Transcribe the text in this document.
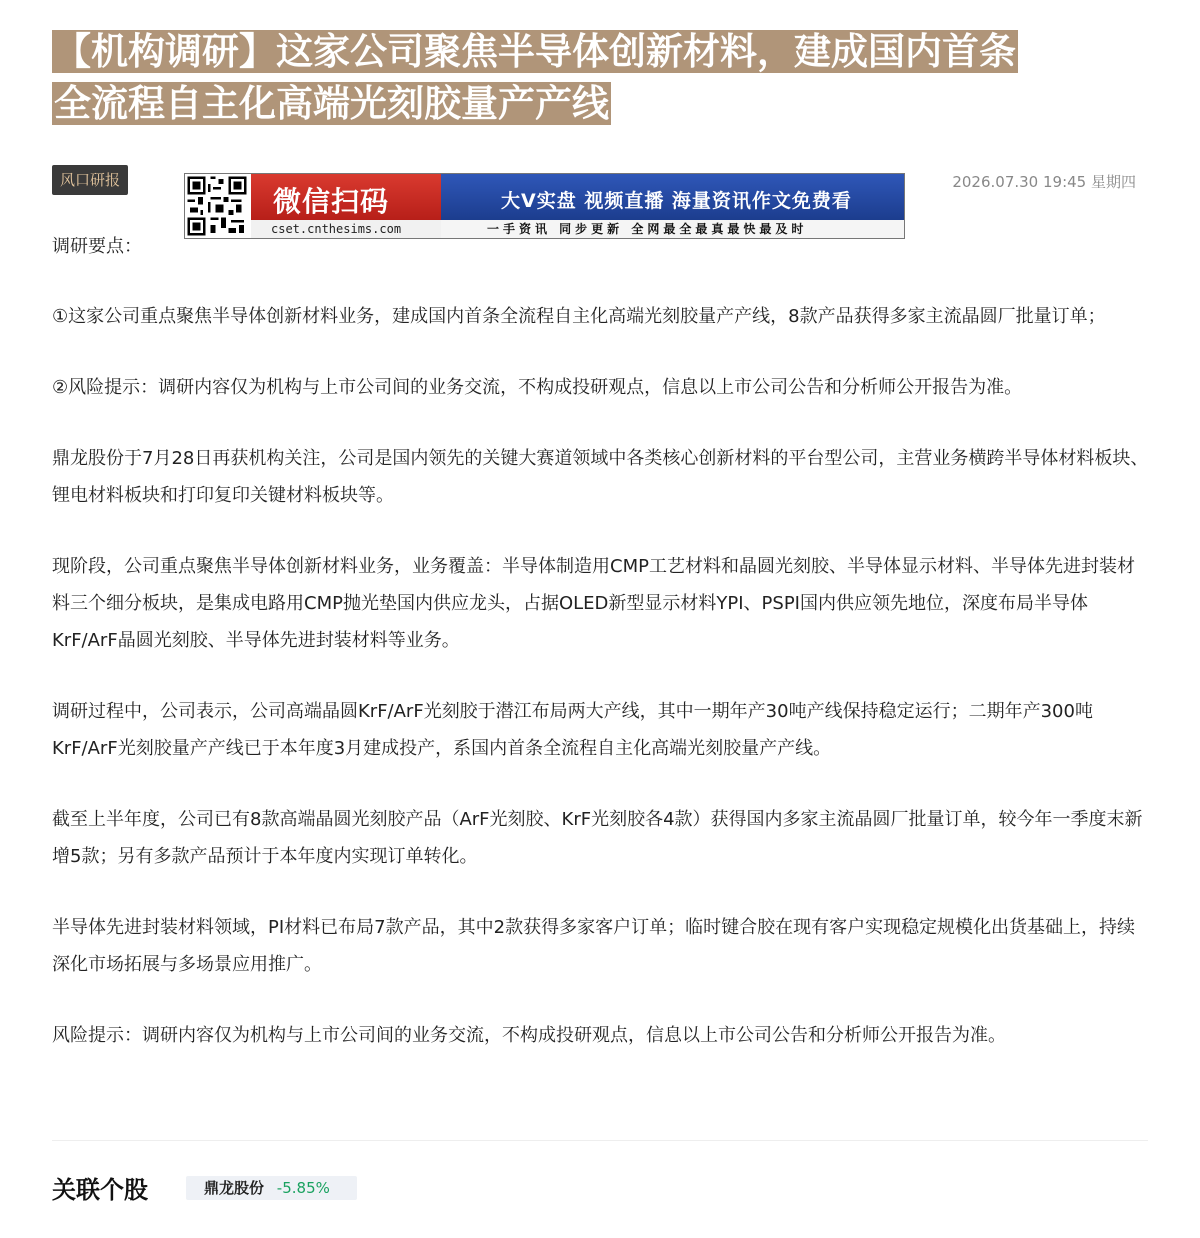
【机构调研】这家公司聚焦半导体创新材料，建成国内首条
全流程自主化高端光刻胶量产产线
风口研报
微信扫码
cset.cnthesims.com
大V实盘 视频直播 海量资讯作文免费看
一手资讯 同步更新 全网最全最真最快最及时
2026.07.30 19:45 星期四

调研要点：

①这家公司重点聚焦半导体创新材料业务，建成国内首条全流程自主化高端光刻胶量产产线，8款产品获得多家主流晶圆厂批量订单；

②风险提示：调研内容仅为机构与上市公司间的业务交流，不构成投研观点，信息以上市公司公告和分析师公开报告为准。

鼎龙股份于7月28日再获机构关注，公司是国内领先的关键大赛道领域中各类核心创新材料的平台型公司，主营业务横跨半导体材料板块、锂电材料板块和打印复印关键材料板块等。

现阶段，公司重点聚焦半导体创新材料业务，业务覆盖：半导体制造用CMP工艺材料和晶圆光刻胶、半导体显示材料、半导体先进封装材料三个细分板块，是集成电路用CMP抛光垫国内供应龙头，占据OLED新型显示材料YPI、PSPI国内供应领先地位，深度布局半导体KrF/ArF晶圆光刻胶、半导体先进封装材料等业务。

调研过程中，公司表示，公司高端晶圆KrF/ArF光刻胶于潜江布局两大产线，其中一期年产30吨产线保持稳定运行；二期年产300吨KrF/ArF光刻胶量产产线已于本年度3月建成投产，系国内首条全流程自主化高端光刻胶量产产线。

截至上半年度，公司已有8款高端晶圆光刻胶产品（ArF光刻胶、KrF光刻胶各4款）获得国内多家主流晶圆厂批量订单，较今年一季度末新增5款；另有多款产品预计于本年度内实现订单转化。

半导体先进封装材料领域，PI材料已布局7款产品，其中2款获得多家客户订单；临时键合胶在现有客户实现稳定规模化出货基础上，持续深化市场拓展与多场景应用推广。

风险提示：调研内容仅为机构与上市公司间的业务交流，不构成投研观点，信息以上市公司公告和分析师公开报告为准。

关联个股	鼎龙股份 -5.85%
